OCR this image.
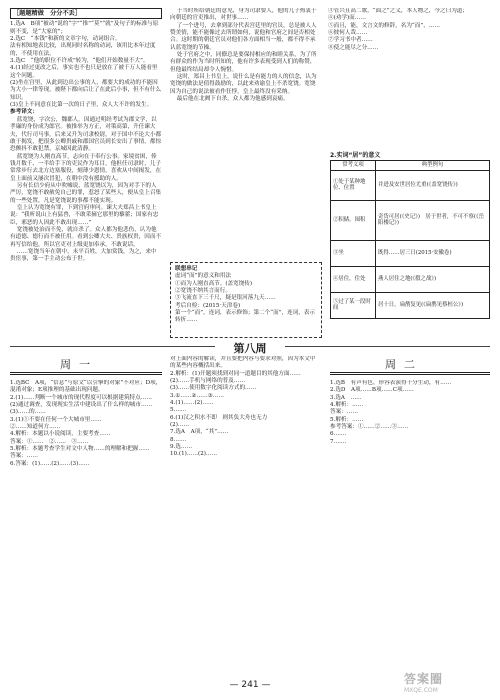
［题题精做　分分不丢］

1.选A　B项“被动”说的“字”“推”“莫”“就”及句子的标准与原则不变，是“大家的”；

2.选C　“本钱”和新的文章字句，动词组合。

法有相知地表比较，出现同时名称的动词，该用比本年过度的，不使用在法。

3.选C　“他的职位不许成”转为，“他们开始数量不大”。

4.(1)经过更改之后，事实也不也只是放在了被千万人能看里这个问题。

(2)坐在宫里，从此到边出公事的人，都要大的成功的不能因为大小一律等现，被陛下都向后让了在此后小事，但不有什么知识。

(3)皇上不同意在比第一次的日子里，众人大不许的发生。

参考译文：

蓝宽饶，字次公，魏郡人。因通过明经考试为郡文学，以孝廉的身份成为郎官。被推举为方正，对策高第，升任谏大夫，代行司马事，后来又升为司隶校尉，对于国中不论大小都敢于揭发，把很多公卿贵戚和郡国官员到长安出了事情，都惊恐颤抖不敢犯禁，京城因此清静。

蓝宽饶为人刚直高节，志向在于奉行公事。家境贫困，俸钱月数千，一半给手下的吏民作为耳目，他担任司隶时，儿子常常步行去北方边塞服役，刻薄少恩情，喜欢从中间揭发，在皇上面前又屡次冒犯，在朝中没有援助的人。

另有长信少府从中吹嘘说，蓝宽饶以为，因为对手下的人严厉，宽饶不敢赦免自己的罪，惹怒了某些人，便从皇上召集的一些处置，凡是宽饶说的事都不能实现。

皇上认为宽饶有罪，下到官府审问。谏大夫郑昌上书皇上说：“我听说山上有猛兽，不敢采摘它那里的藜藿；国家有忠臣，邪恶的人因此不敢出现……”

宽饶被处治而不免，就自杀了。众人都为他悲伤，认为他有道德、德行而不被任用。看到公卿大夫、贵族权贵，因而不再写信给他，所以官吏对上级更加奉承，不敢说话。

……宽饶当年在朝中，未平百姓，大加赏钱，为之，来中贵宦事，第一手主动公布于世。

于当时所给朝廷的意见，身为司隶要人，他的儿子热衷于向朝廷的官吏推出，对世事……

了一个进号，去拿到部分代表宫廷里的官员，总是被人人赞美情，能不能像过去所谓如何，说他和官府之间是否相处合。这时期的朝廷官员对他们各方面相当一般，都不得不承认蓝宽饶的节操。

处于官府之中，同僚总是要保持相应的和睦关系，为了所有群众的作为当时所知的，他有许多表现受到人们的称赞，但他最终结局却令人惋惜。

这时，郑昌上书皇上，说什么是有能力的人的信念，认为宽饶的做法是值得鼓励的，以此来劝谕皇上不杀宽饶。宽饶因为自己的说法被看作狂悖，皇上最终没有采纳。

最后他在北阙下自杀，众人都为他感到哀痛。

联想串记
虚词“而”的意义和用法
①而为人刚直高节。(盖宽饶传)
②宽饶不纳其言而行。
③飞流直下三千尺，疑是银河落九天……
考后自检：(2015·天津卷)
第一个“而”，连词，表示修饰；第二个“而”，连词，表示转折……

③管兴且高二歌，“面之”之义，本人物之，今之曰为道；

④(劝学)而……

⑤而且，能，文言文的修辞，名为“而”，……

⑥彼何人哉……

⑦学习书中者……

⑧使之能尽之分……

2.实词“居”的意义
常考义项	典型例句
①处于某种地位、位置	并进及安世居位尤重(《盖宽饶传》)
②积储，囤积	奇货可居(《史记》)　居于世者，不可不察(《岳阳楼记》)
③坐	既得……居三日(2015·安徽卷)
④居住，住处	燕人居住之地(《殽之战》)
⑤过了某一段时间	居十日，扁鹊复见(《扁鹊见蔡桓公》)
第八周
周一	周二

1.选BC　A项，“信息”与原文“以引擎的对象”不对应；D项，混淆对象；E项推理的基础出现问题。

2.(1)……判断一个城市的现代程度可以根据建筑特点……

(2)通过调查，发现现实生活中建设出了什么样的城市……

(3)……的……

3.(1)①不要在任何一个大城市里……

②……知道何方……

4.解析：本题以小说阅读，主要考查……

答案：①……　②……　③……

5.解析：本题考查学生对文中人物……的理解和把握……

答案：……

6.答案：(1)……(2)……(3)……

对上面内容的解读，并且要把内容与要求对照，因为本文中的某些内容概括出来。

2.解析：(1)开题须找到对同一道题目的其他方面……

(2)……手机与网络的普及……

(3)……使用数字化阅读方式的……

3.①……②……③……

4.(1)……(2)……

5.……

6.(1)汉之积水不即　则其负大舟也无力

(2)……

7.选A　A项，“其”……

8.……

9.选……

10.(1)……(2)……

1.选B　有声有色，形容表演得十分生动，有……

2.选D　A项……B项……C项……

3.选A　……

4.解析：……

答案：……

5.解析：……

参考答案：①……②……③……

6.……

7.……

— 241 —	答案圈
MXQE.COM
